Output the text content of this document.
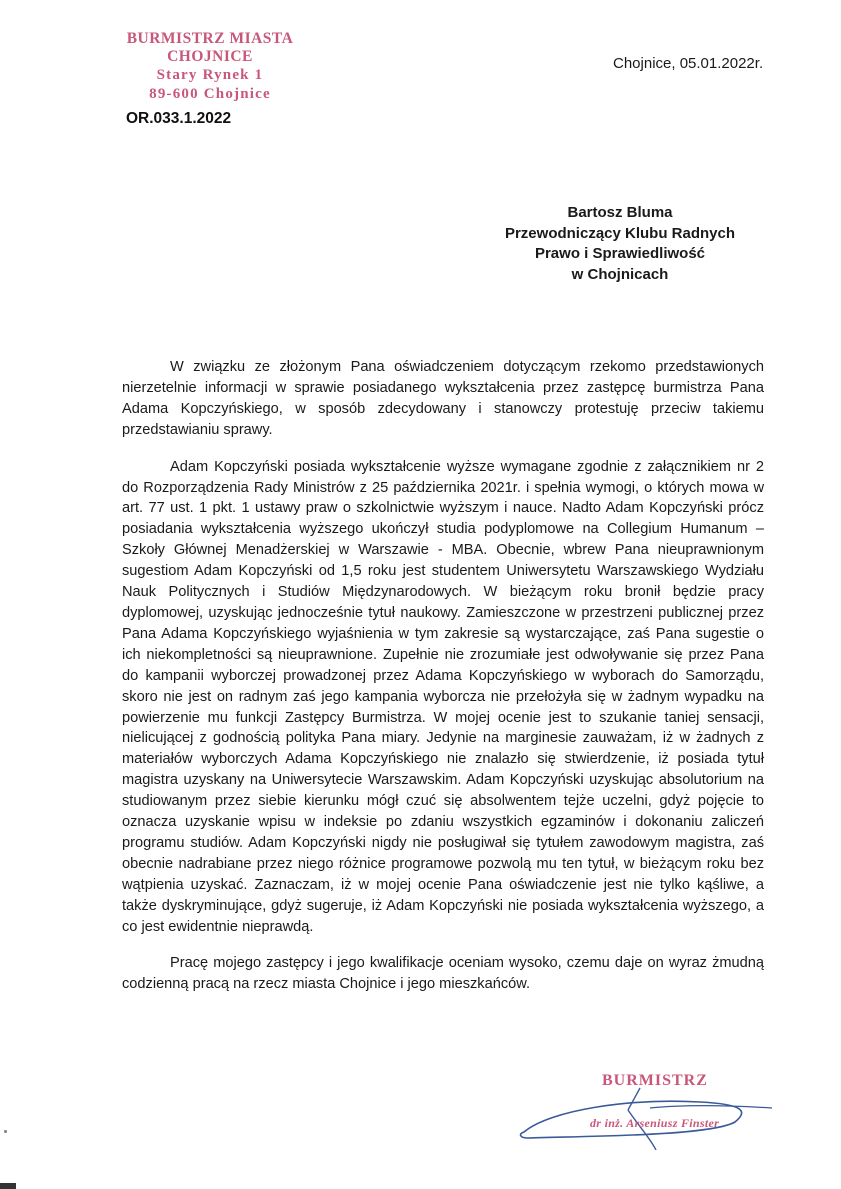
BURMISTRZ MIASTA
CHOJNICE
Stary Rynek 1
89-600 Chojnice
OR.033.1.2022
Chojnice, 05.01.2022r.
Bartosz Bluma
Przewodniczący Klubu Radnych
Prawo i Sprawiedliwość
w Chojnicach

W związku ze złożonym Pana oświadczeniem dotyczącym rzekomo przedstawionych nierzetelnie informacji w sprawie posiadanego wykształcenia przez zastępcę burmistrza Pana Adama Kopczyńskiego, w sposób zdecydowany i stanowczy protestuję przeciw takiemu przedstawianiu sprawy.

Adam Kopczyński posiada wykształcenie wyższe wymagane zgodnie z załącznikiem nr 2 do Rozporządzenia Rady Ministrów z 25 października 2021r. i spełnia wymogi, o których mowa w art. 77 ust. 1 pkt. 1 ustawy praw o szkolnictwie wyższym i nauce. Nadto Adam Kopczyński prócz posiadania wykształcenia wyższego ukończył studia podyplomowe na Collegium Humanum – Szkoły Głównej Menadżerskiej w Warszawie - MBA. Obecnie, wbrew Pana nieuprawnionym sugestiom Adam Kopczyński od 1,5 roku jest studentem Uniwersytetu Warszawskiego Wydziału Nauk Politycznych i Studiów Międzynarodowych. W bieżącym roku bronił będzie pracy dyplomowej, uzyskując jednocześnie tytuł naukowy. Zamieszczone w przestrzeni publicznej przez Pana Adama Kopczyńskiego wyjaśnienia w tym zakresie są wystarczające, zaś Pana sugestie o ich niekompletności są nieuprawnione. Zupełnie nie zrozumiałe jest odwoływanie się przez Pana do kampanii wyborczej prowadzonej przez Adama Kopczyńskiego w wyborach do Samorządu, skoro nie jest on radnym zaś jego kampania wyborcza nie przełożyła się w żadnym wypadku na powierzenie mu funkcji Zastępcy Burmistrza. W mojej ocenie jest to szukanie taniej sensacji, nielicującej z godnością polityka Pana miary. Jedynie na marginesie zauważam, iż w żadnych z materiałów wyborczych Adama Kopczyńskiego nie znalazło się stwierdzenie, iż posiada tytuł magistra uzyskany na Uniwersytecie Warszawskim. Adam Kopczyński uzyskując absolutorium na studiowanym przez siebie kierunku mógł czuć się absolwentem tejże uczelni, gdyż pojęcie to oznacza uzyskanie wpisu w indeksie po zdaniu wszystkich egzaminów i dokonaniu zaliczeń programu studiów. Adam Kopczyński nigdy nie posługiwał się tytułem zawodowym magistra, zaś obecnie nadrabiane przez niego różnice programowe pozwolą mu ten tytuł, w bieżącym roku bez wątpienia uzyskać. Zaznaczam, iż w mojej ocenie Pana oświadczenie jest nie tylko kąśliwe, a także dyskryminujące, gdyż sugeruje, iż Adam Kopczyński nie posiada wykształcenia wyższego, a co jest ewidentnie nieprawdą.

Pracę mojego zastępcy i jego kwalifikacje oceniam wysoko, czemu daje on wyraz żmudną codzienną pracą na rzecz miasta Chojnice i jego mieszkańców.

BURMISTRZ
dr inż. Arseniusz Finster
